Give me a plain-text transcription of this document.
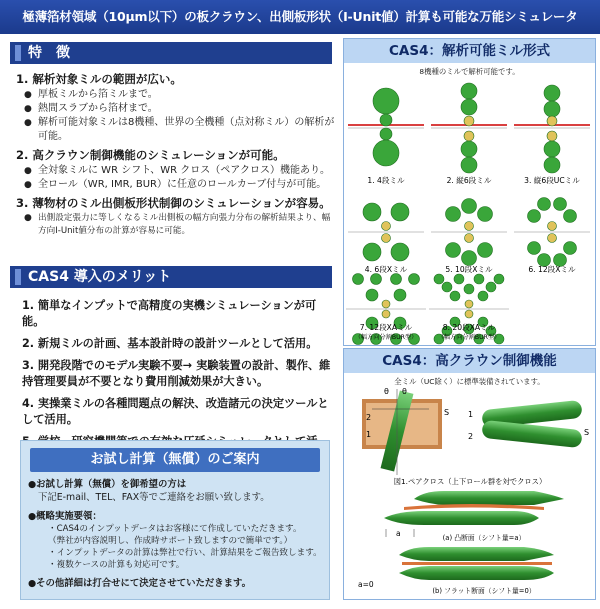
極薄箔材領域（10μm以下）の板クラウン、出側板形状（I-Unit値）計算も可能な万能シミュレータ
特　徴
1. 解析対象ミルの範囲が広い。
● 厚板ミルから箔ミルまで。
● 熱間スラブから箔材まで。
● 解析可能対象ミルは8機種、世界の全機種（点対称ミル）の解析が可能。
2. 高クラウン制御機能のシミュレーションが可能。
● 全対象ミルに WR シフト、WR クロス（ペアクロス）機能あり。
● 全ロール（WR, IMR, BUR）に任意のロールカーブ付与が可能。
3. 薄物材のミル出側板形状制御のシミュレーションが容易。
● 出側設定張力に等しくなるミル出側板の幅方向張力分布の解析結果より、幅方向I-Unit値分布の計算が容易に可能。
CAS4 導入のメリット
1. 簡単なインプットで高精度の実機シミュレーションが可能。
2. 新規ミルの計画、基本設計時の設計ツールとして活用。
3. 開発段階でのモデル実験不要→ 実験装置の設計、製作、維持管理要員が不要となり費用削減効果が大きい。
4. 実操業ミルの各種問題点の解決、改造諸元の決定ツールとして活用。
お試し計算（無償）のご案内
●お試し計算（無償）を御希望の方は
下記E-mail、TEL、FAX等でご連絡をお願い致します。
●概略実施要領：
・CAS4のインプットデータはお客様にて作成していただきます。
（弊社が内容説明し、作成時サポート致しますので簡単です。）
・インプットデータの計算は弊社で行い、計算結果をご報告致します。
・複数ケースの計算も対応可です。
●その他詳細は打合せにて決定させていただきます。
CAS4：解析可能ミル形式
8機種のミルで解析可能です。
1. 4段ミル	2. 縦6段ミル	3. 縦6段UCミル
4. 6段Xミル	5. 10段Xミル	6. 12段Xミル
7. 12段XAミル	8. 20段XAミル
（幅方向分割BUR型）	（幅方向分割BUR型）
CAS4：高クラウン制御機能
全ミル（UC除く）に標準装備されています。
θ θ
2
1
S 1
2	S
図1.ペアクロス（上下ロール群を対でクロス）
a	(a) 凸断面（シフト量=a）
a=0
(b) フラット断面（シフト量=0）
